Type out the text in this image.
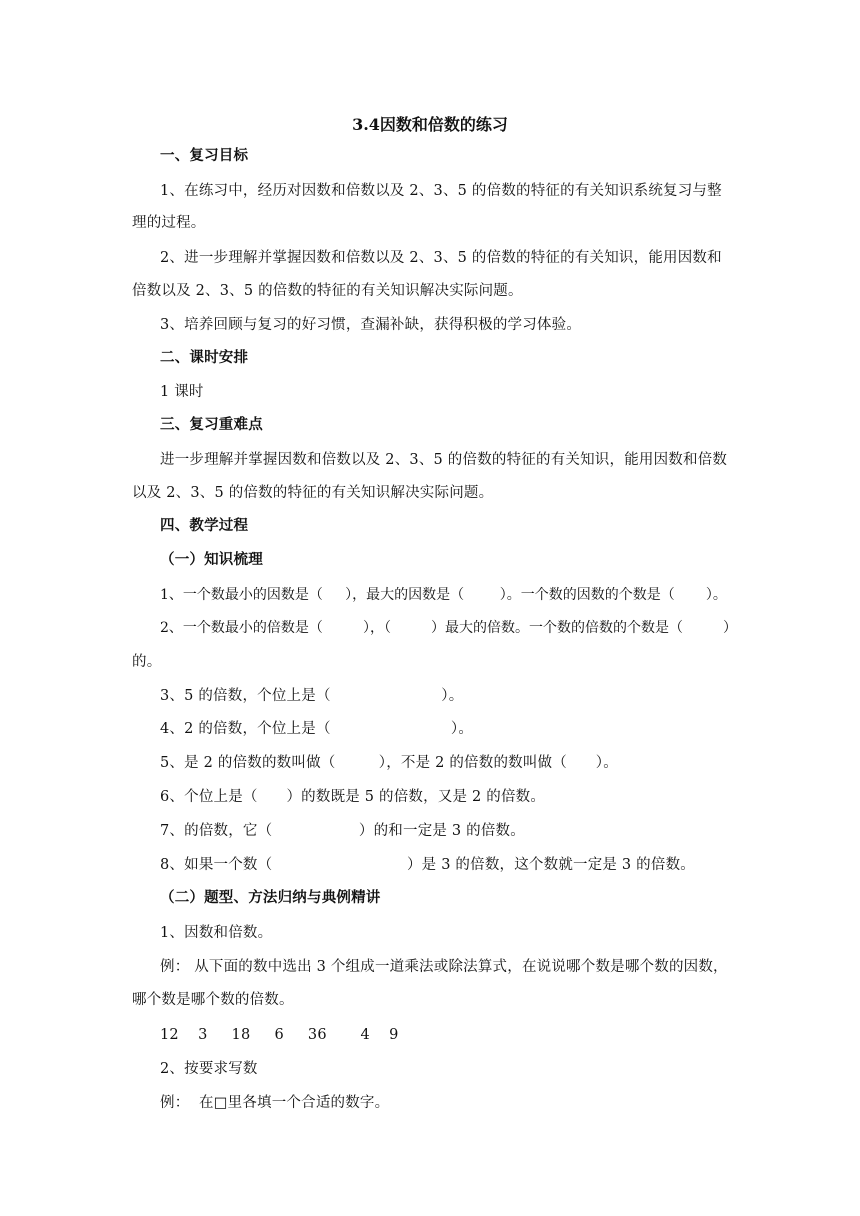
3.4因数和倍数的练习
一、复习目标
1、在练习中，经历对因数和倍数以及 2、3、5 的倍数的特征的有关知识系统复习与整
理的过程。
2、进一步理解并掌握因数和倍数以及 2、3、5 的倍数的特征的有关知识，能用因数和
倍数以及 2、3、5 的倍数的特征的有关知识解决实际问题。
3、培养回顾与复习的好习惯，查漏补缺，获得积极的学习体验。
二、课时安排
1 课时
三、复习重难点
进一步理解并掌握因数和倍数以及 2、3、5 的倍数的特征的有关知识，能用因数和倍数
以及 2、3、5 的倍数的特征的有关知识解决实际问题。
四、教学过程
（一）知识梳理
1、一个数最小的因数是（     ），最大的因数是（        ）。一个数的因数的个数是（       ）。
2、一个数最小的倍数是（         ），（         ）最大的倍数。一个数的倍数的个数是（         ）
的。
3、5 的倍数，个位上是（                       ）。
4、2 的倍数，个位上是（                         ）。
5、是 2 的倍数的数叫做（         ），不是 2 的倍数的数叫做（      ）。
6、个位上是（      ）的数既是 5 的倍数，又是 2 的倍数。
7、的倍数，它（                  ）的和一定是 3 的倍数。
8、如果一个数（                            ）是 3 的倍数，这个数就一定是 3 的倍数。
（二）题型、方法归纳与典例精讲
1、因数和倍数。
例： 从下面的数中选出 3 个组成一道乘法或除法算式，在说说哪个数是哪个数的因数，
哪个数是哪个数的倍数。
12    3     18     6     36       4    9
2、按要求写数
例：  在□里各填一个合适的数字。
